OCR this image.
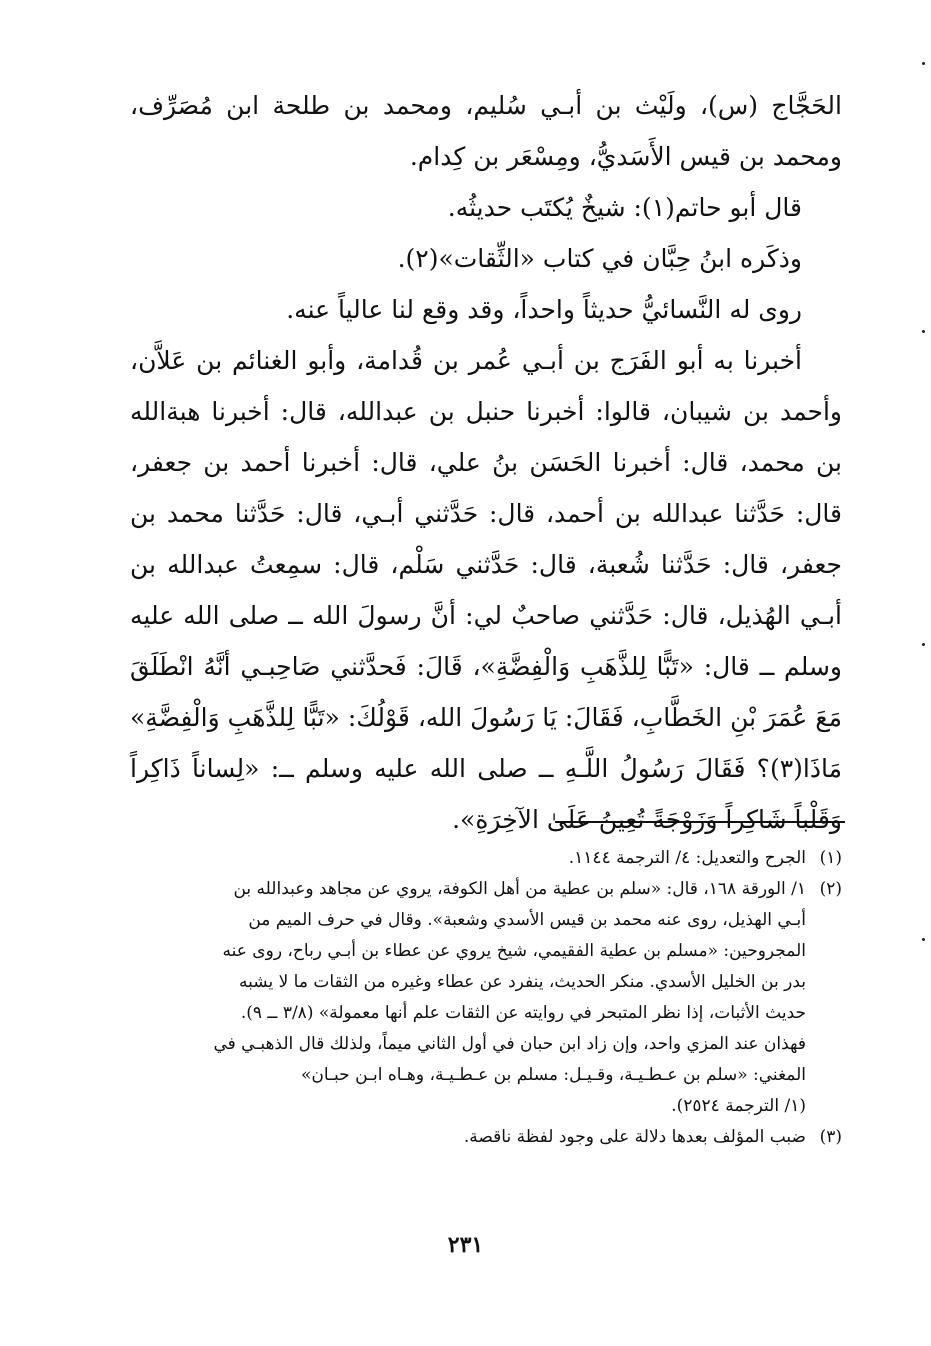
الحَجَّاج (س)، ولَيْث بن أبـي سُليم، ومحمد بن طلحة ابن مُصَرِّف، ومحمد بن قيس الأَسَديُّ، ومِسْعَر بن كِدام.

قال أبو حاتم(١): شيخٌ يُكتَب حديثُه.

وذكَره ابنُ حِبَّان في كتاب «الثِّقات»(٢).

روى له النَّسائيُّ حديثاً واحداً، وقد وقع لنا عالياً عنه.

أخبرنا به أبو الفَرَج بن أبـي عُمر بن قُدامة، وأبو الغنائم بن عَلاَّن، وأحمد بن شيبان، قالوا: أخبرنا حنبل بن عبدالله، قال: أخبرنا هبةالله بن محمد، قال: أخبرنا الحَسَن بنُ علي، قال: أخبرنا أحمد بن جعفر، قال: حَدَّثنا عبدالله بن أحمد، قال: حَدَّثني أبـي، قال: حَدَّثنا محمد بن جعفر، قال: حَدَّثنا شُعبة، قال: حَدَّثني سَلْم، قال: سمِعتُ عبدالله بن أبـي الهُذيل، قال: حَدَّثني صاحبٌ لي: أنَّ رسولَ الله ــ صلى الله عليه وسلم ــ قال: «تَبًّا لِلذَّهَبِ وَالْفِضَّةِ»، قَالَ: فَحدَّثني صَاحِبـي أنَّهُ انْطَلَقَ مَعَ عُمَرَ بْنِ الخَطَّابِ، فَقَالَ: يَا رَسُولَ الله، قَوْلُكَ: «تَبًّا لِلذَّهَبِ وَالْفِضَّةِ» مَاذَا(٣)؟ فَقَالَ رَسُولُ اللَّـهِ ــ صلى الله عليه وسلم ــ: «لِساناً ذَاكِراً وَقَلْباً شَاكِراً وَزَوْجَةً تُعِينُ عَلَىٰ الآخِرَةِ».

(١)
الجرح والتعديل: ٤/ الترجمة ١١٤٤.
(٢)
١/ الورقة ١٦٨، قال: «سلم بن عطية من أهل الكوفة، يروي عن مجاهد وعبدالله بن
أبـي الهذيل، روى عنه محمد بن قيس الأسدي وشعبة». وقال في حرف الميم من
المجروحين: «مسلم بن عطية الفقيمي، شيخ يروي عن عطاء بن أبـي رباح، روى عنه
بدر بن الخليل الأسدي. منكر الحديث، ينفرد عن عطاء وغيره من الثقات ما لا يشبه
حديث الأثبات، إذا نظر المتبحر في روايته عن الثقات علم أنها معمولة» (٣/٨ ــ ٩).
فهذان عند المزي واحد، وإن زاد ابن حبان في أول الثاني ميماً، ولذلك قال الذهبـي في
المغني: «سلم بن عـطـيـة، وقـيـل: مسلم بن عـطـيـة، وهـاه ابـن حبـان»
(١/ الترجمة ٢٥٢٤).
(٣)
ضبب المؤلف بعدها دلالة على وجود لفظة ناقصة.
٢٣١
